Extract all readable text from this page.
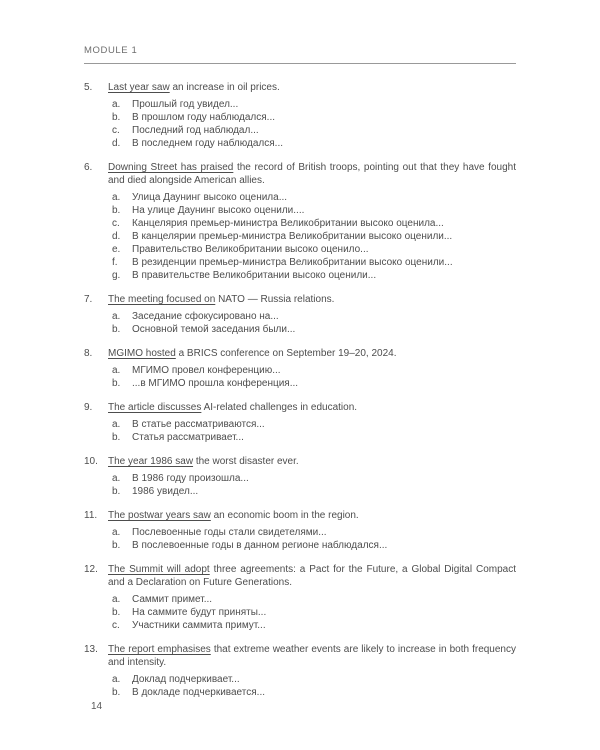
MODULE 1
5.	Last year saw an increase in oil prices.
a.	Прошлый год увидел...
b.	В прошлом году наблюдался...
c.	Последний год наблюдал...
d.	В последнем году наблюдался...
6.	Downing Street has praised the record of British troops, pointing out that they have fought and died alongside American allies.
a.	Улица Даунинг высоко оценила...
b.	На улице Даунинг высоко оценили....
c.	Канцелярия премьер-министра Великобритании высоко оценила...
d.	В канцелярии премьер-министра Великобритании высоко оценили...
e.	Правительство Великобритании высоко оценило...
f.	В резиденции премьер-министра Великобритании высоко оценили...
g.	В правительстве Великобритании высоко оценили...
7.	The meeting focused on NATO — Russia relations.
a.	Заседание сфокусировано на...
b.	Основной темой заседания были...
8.	MGIMO hosted a BRICS conference on September 19–20, 2024.
a.	МГИМО провел конференцию...
b.	...в МГИМО прошла конференция...
9.	The article discusses AI-related challenges in education.
a.	В статье рассматриваются...
b.	Статья рассматривает...
10.	The year 1986 saw the worst disaster ever.
a.	В 1986 году произошла...
b.	1986 увидел...
11.	The postwar years saw an economic boom in the region.
a.	Послевоенные годы стали свидетелями...
b.	В послевоенные годы в данном регионе наблюдался...
12.	The Summit will adopt three agreements: a Pact for the Future, a Global Digital Compact and a Declaration on Future Generations.
a.	Саммит примет...
b.	На саммите будут приняты...
c.	Участники саммита примут...
13.	The report emphasises that extreme weather events are likely to increase in both frequency and intensity.
a.	Доклад подчеркивает...
b.	В докладе подчеркивается...
14
